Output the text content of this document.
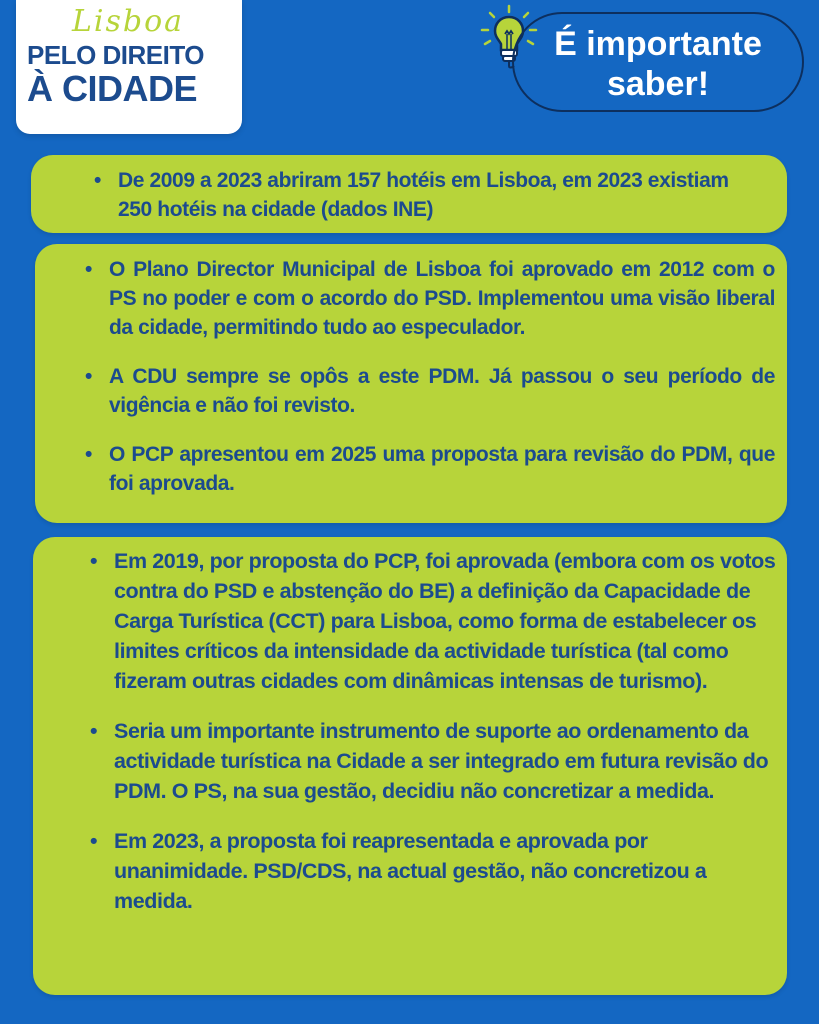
Lisboa
PELO DIREITO
À CIDADE
É importante
saber!
• De 2009 a 2023 abriram 157 hotéis em Lisboa, em 2023 existiam 250 hotéis na cidade (dados INE)
• O Plano Director Municipal de Lisboa foi aprovado em 2012 com o PS no poder e com o acordo do PSD. Implementou uma visão liberal da cidade, permitindo tudo ao especulador.
• A CDU sempre se opôs a este PDM. Já passou o seu período de vigência e não foi revisto.
• O PCP apresentou em 2025 uma proposta para revisão do PDM, que foi aprovada.
• Em 2019, por proposta do PCP, foi aprovada (embora com os votos contra do PSD e abstenção do BE) a definição da Capacidade de Carga Turística (CCT) para Lisboa, como forma de estabelecer os limites críticos da intensidade da actividade turística (tal como fizeram outras cidades com dinâmicas intensas de turismo).
• Seria um importante instrumento de suporte ao ordenamento da actividade turística na Cidade a ser integrado em futura revisão do PDM. O PS, na sua gestão, decidiu não concretizar a medida.
• Em 2023, a proposta foi reapresentada e aprovada por unanimidade. PSD/CDS, na actual gestão, não concretizou a medida.
